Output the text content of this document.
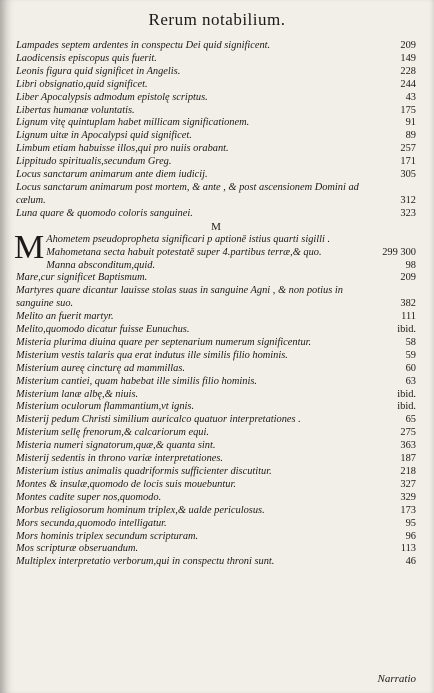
Rerum notabilium.
Lampades septem ardentes in conspectu Dei quid significent.	209
Laodicensis episcopus quis fuerit.	149
Leonis figura quid significet in Angelis.	228
Libri obsignatio,quid significet.	244
Liber Apocalypsis admodum epistolę scriptus.	43
Libertas humanæ voluntatis.	175
Lignum vitę quintuplam habet millicam significationem.	91
Lignum uitæ in Apocalypsi quid significet.	89
Limbum etiam habuisse illos,qui pro nuiis orabant.	257
Lippitudo spiritualis,secundum Greg.	171
Locus sanctarum animarum ante diem iudicij.	305
Locus sanctarum animarum post mortem, & ante , & post ascensionem Domini ad cælum.	312
Luna quare & quomodo coloris sanguinei.	323
M
M Ahometem pseudopropheta significari p aptionē istius quarti sigilli . Mahometana secta habuit potestatē super 4.partibus terræ,& quo.	299 300
Manna absconditum,quid.	98
Mare,cur significet Baptismum.	209
Martyres quare dicantur lauisse stolas suas in sanguine Agni , & non potius in sanguine suo.	382
Melito an fuerit martyr.	111
Melito,quomodo dicatur fuisse Eunuchus.	ibid.
Misteria plurima diuina quare per septenarium numerum significentur.	58
Misterium vestis talaris qua erat indutus ille similis filio hominis.	59
Misterium aureę cincturę ad mammillas.	60
Misterium cantiei, quam habebat ille similis filio hominis.	63
Misterium lanæ albę,& niuis.	ibid.
Misterium oculorum flammantium,vt ignis.	ibid.
Misterij pedum Christi similium auricalco quatuor interpretationes .	65
Misterium sellę frenorum,& calcariorum equi.	275
Misteria numeri signatorum,quæ,& quanta sint.	363
Misterij sedentis in throno variæ interpretationes.	187
Misterium istius animalis quadriformis sufficienter discutitur.	218
Montes & insulæ,quomodo de locis suis mouebuntur.	327
Montes cadite super nos,quomodo.	329
Morbus religiosorum hominum triplex,& ualde periculosus.	173
Mors secunda,quomodo intelligatur.	95
Mors hominis triplex secundum scripturam.	96
Mos scripturæ obseruandum.	113
Multiplex interpretatio verborum,qui in conspectu throni sunt.	46
Narratio
